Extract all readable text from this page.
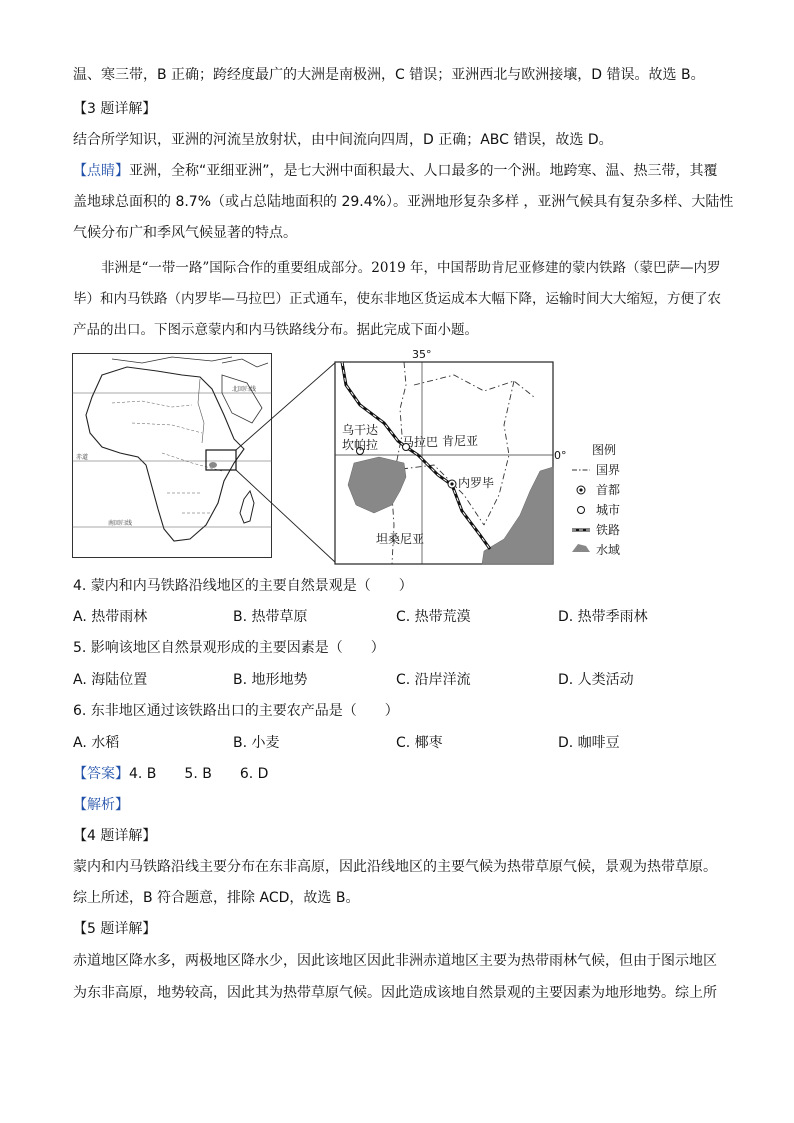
温、寒三带，B 正确；跨经度最广的大洲是南极洲，C 错误；亚洲西北与欧洲接壤，D 错误。故选 B。
【3 题详解】
结合所学知识，亚洲的河流呈放射状，由中间流向四周，D 正确；ABC 错误，故选 D。
【点睛】亚洲，全称“亚细亚洲”，是七大洲中面积最大、人口最多的一个洲。地跨寒、温、热三带，其覆
盖地球总面积的 8.7%（或占总陆地面积的 29.4%）。亚洲地形复杂多样 ，亚洲气候具有复杂多样、大陆性
气候分布广和季风气候显著的特点。
非洲是“一带一路”国际合作的重要组成部分。2019 年，中国帮助肯尼亚修建的蒙内铁路（蒙巴萨—内罗毕）和内马铁路（内罗毕—马拉巴）正式通车，使东非地区货运成本大幅下降，运输时间大大缩短，方便了农产品的出口。下图示意蒙内和内马铁路线分布。据此完成下面小题。
北回归线
赤道
南回归线
35°
0°
肯尼亚
乌干达
坎帕拉 马拉巴
内罗毕
坦桑尼亚
图例
国界
首都
城市
铁路
水域
4. 蒙内和内马铁路沿线地区的主要自然景观是（　　）
A. 热带雨林	B. 热带草原	C. 热带荒漠	D. 热带季雨林
5. 影响该地区自然景观形成的主要因素是（　　）
A. 海陆位置	B. 地形地势	C. 沿岸洋流	D. 人类活动
6. 东非地区通过该铁路出口的主要农产品是（　　）
A. 水稻	B. 小麦	C. 椰枣	D. 咖啡豆
【答案】4. B　　5. B　　6. D
【解析】
【4 题详解】
蒙内和内马铁路沿线主要分布在东非高原，因此沿线地区的主要气候为热带草原气候，景观为热带草原。
综上所述，B 符合题意，排除 ACD，故选 B。
【5 题详解】
赤道地区降水多，两极地区降水少，因此该地区因此非洲赤道地区主要为热带雨林气候，但由于图示地区
为东非高原，地势较高，因此其为热带草原气候。因此造成该地自然景观的主要因素为地形地势。综上所
